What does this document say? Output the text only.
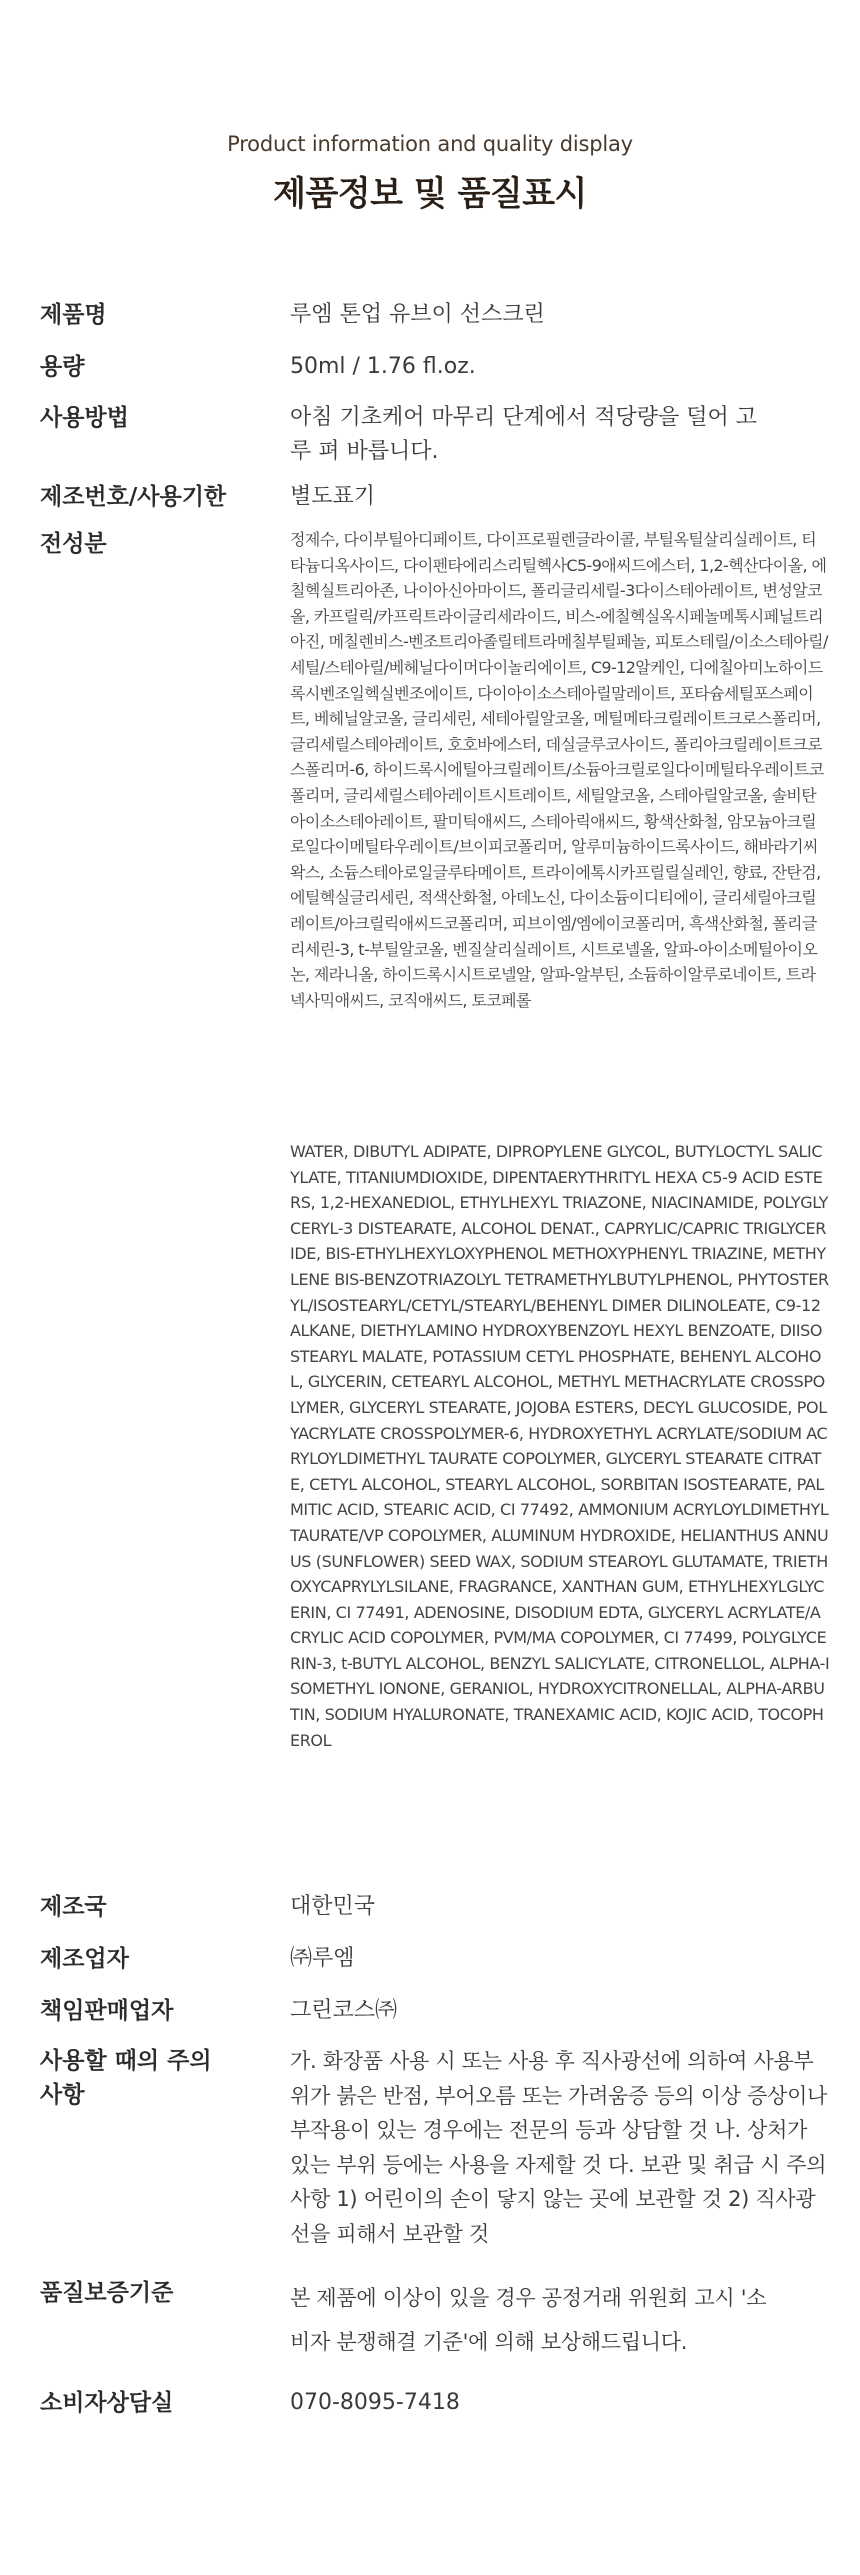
Product information and quality display
제품정보 및 품질표시
제품명	루엠 톤업 유브이 선스크린
용량	50ml / 1.76 fl.oz.
사용방법	아침 기초케어 마무리 단계에서 적당량을 덜어 고루 펴 바릅니다.
제조번호/사용기한	별도표기
전성분	정제수, 다이부틸아디페이트, 다이프로필렌글라이콜, 부틸옥틸살리실레이트, 티타늄디옥사이드, 다이펜타에리스리틸헥사C5-9애씨드에스터, 1,2-헥산다이올, 에칠헥실트리아존, 나이아신아마이드, 폴리글리세릴-3다이스테아레이트, 변성알코올, 카프릴릭/카프릭트라이글리세라이드, 비스-에칠헥실옥시페놀메톡시페닐트리아진, 메칠렌비스-벤조트리아졸릴테트라메칠부틸페놀, 피토스테릴/이소스테아릴/세틸/스테아릴/베헤닐다이머다이놀리에이트, C9-12알케인, 디에칠아미노하이드록시벤조일헥실벤조에이트, 다이아이소스테아릴말레이트, 포타슘세틸포스페이트, 베헤닐알코올, 글리세린, 세테아릴알코올, 메틸메타크릴레이트크로스폴리머, 글리세릴스테아레이트, 호호바에스터, 데실글루코사이드, 폴리아크릴레이트크로스폴리머-6, 하이드록시에틸아크릴레이트/소듐아크릴로일다이메틸타우레이트코폴리머, 글리세릴스테아레이트시트레이트, 세틸알코올, 스테아릴알코올, 솔비탄아이소스테아레이트, 팔미틱애씨드, 스테아릭애씨드, 황색산화철, 암모늄아크릴로일다이메틸타우레이트/브이피코폴리머, 알루미늄하이드록사이드, 해바라기씨왁스, 소듐스테아로일글루타메이트, 트라이에톡시카프릴릴실레인, 향료, 잔탄검, 에틸헥실글리세린, 적색산화철, 아데노신, 다이소듐이디티에이, 글리세릴아크릴레이트/아크릴릭애씨드코폴리머, 피브이엠/엠에이코폴리머, 흑색산화철, 폴리글리세린-3, t-부틸알코올, 벤질살리실레이트, 시트로넬올, 알파-아이소메틸아이오논, 제라니올, 하이드록시시트로넬알, 알파-알부틴, 소듐하이알루로네이트, 트라넥사믹애씨드, 코직애씨드, 토코페롤
WATER, DIBUTYL ADIPATE, DIPROPYLENE GLYCOL, BUTYLOCTYL SALICYLATE, TITANIUMDIOXIDE, DIPENTAERYTHRITYL HEXA C5-9 ACID ESTERS, 1,2-HEXANEDIOL, ETHYLHEXYL TRIAZONE, NIACINAMIDE, POLYGLYCERYL-3 DISTEARATE, ALCOHOL DENAT., CAPRYLIC/CAPRIC TRIGLYCERIDE, BIS-ETHYLHEXYLOXYPHENOL METHOXYPHENYL TRIAZINE, METHYLENE BIS-BENZOTRIAZOLYL TETRAMETHYLBUTYLPHENOL, PHYTOSTERYL/ISOSTEARYL/CETYL/STEARYL/BEHENYL DIMER DILINOLEATE, C9-12 ALKANE, DIETHYLAMINO HYDROXYBENZOYL HEXYL BENZOATE, DIISOSTEARYL MALATE, POTASSIUM CETYL PHOSPHATE, BEHENYL ALCOHOL, GLYCERIN, CETEARYL ALCOHOL, METHYL METHACRYLATE CROSSPOLYMER, GLYCERYL STEARATE, JOJOBA ESTERS, DECYL GLUCOSIDE, POLYACRYLATE CROSSPOLYMER-6, HYDROXYETHYL ACRYLATE/SODIUM ACRYLOYLDIMETHYL TAURATE COPOLYMER, GLYCERYL STEARATE CITRATE, CETYL ALCOHOL, STEARYL ALCOHOL, SORBITAN ISOSTEARATE, PALMITIC ACID, STEARIC ACID, CI 77492, AMMONIUM ACRYLOYLDIMETHYL TAURATE/VP COPOLYMER, ALUMINUM HYDROXIDE, HELIANTHUS ANNUUS (SUNFLOWER) SEED WAX, SODIUM STEAROYL GLUTAMATE, TRIETHOXYCAPRYLYLSILANE, FRAGRANCE, XANTHAN GUM, ETHYLHEXYLGLYCERIN, CI 77491, ADENOSINE, DISODIUM EDTA, GLYCERYL ACRYLATE/ACRYLIC ACID COPOLYMER, PVM/MA COPOLYMER, CI 77499, POLYGLYCERIN-3, t-BUTYL ALCOHOL, BENZYL SALICYLATE, CITRONELLOL, ALPHA-ISOMETHYL IONONE, GERANIOL, HYDROXYCITRONELLAL, ALPHA-ARBUTIN, SODIUM HYALURONATE, TRANEXAMIC ACID, KOJIC ACID, TOCOPHEROL
제조국	대한민국
제조업자	㈜루엠
책임판매업자	그린코스㈜
사용할 때의 주의사항
가. 화장품 사용 시 또는 사용 후 직사광선에 의하여 사용부위가 붉은 반점, 부어오름 또는 가려움증 등의 이상 증상이나 부작용이 있는 경우에는 전문의 등과 상담할 것 나. 상처가 있는 부위 등에는 사용을 자제할 것 다. 보관 및 취급 시 주의사항 1) 어린이의 손이 닿지 않는 곳에 보관할 것 2) 직사광선을 피해서 보관할 것
품질보증기준	본 제품에 이상이 있을 경우 공정거래 위원회 고시 '소비자 분쟁해결 기준'에 의해 보상해드립니다.
소비자상담실	070-8095-7418
